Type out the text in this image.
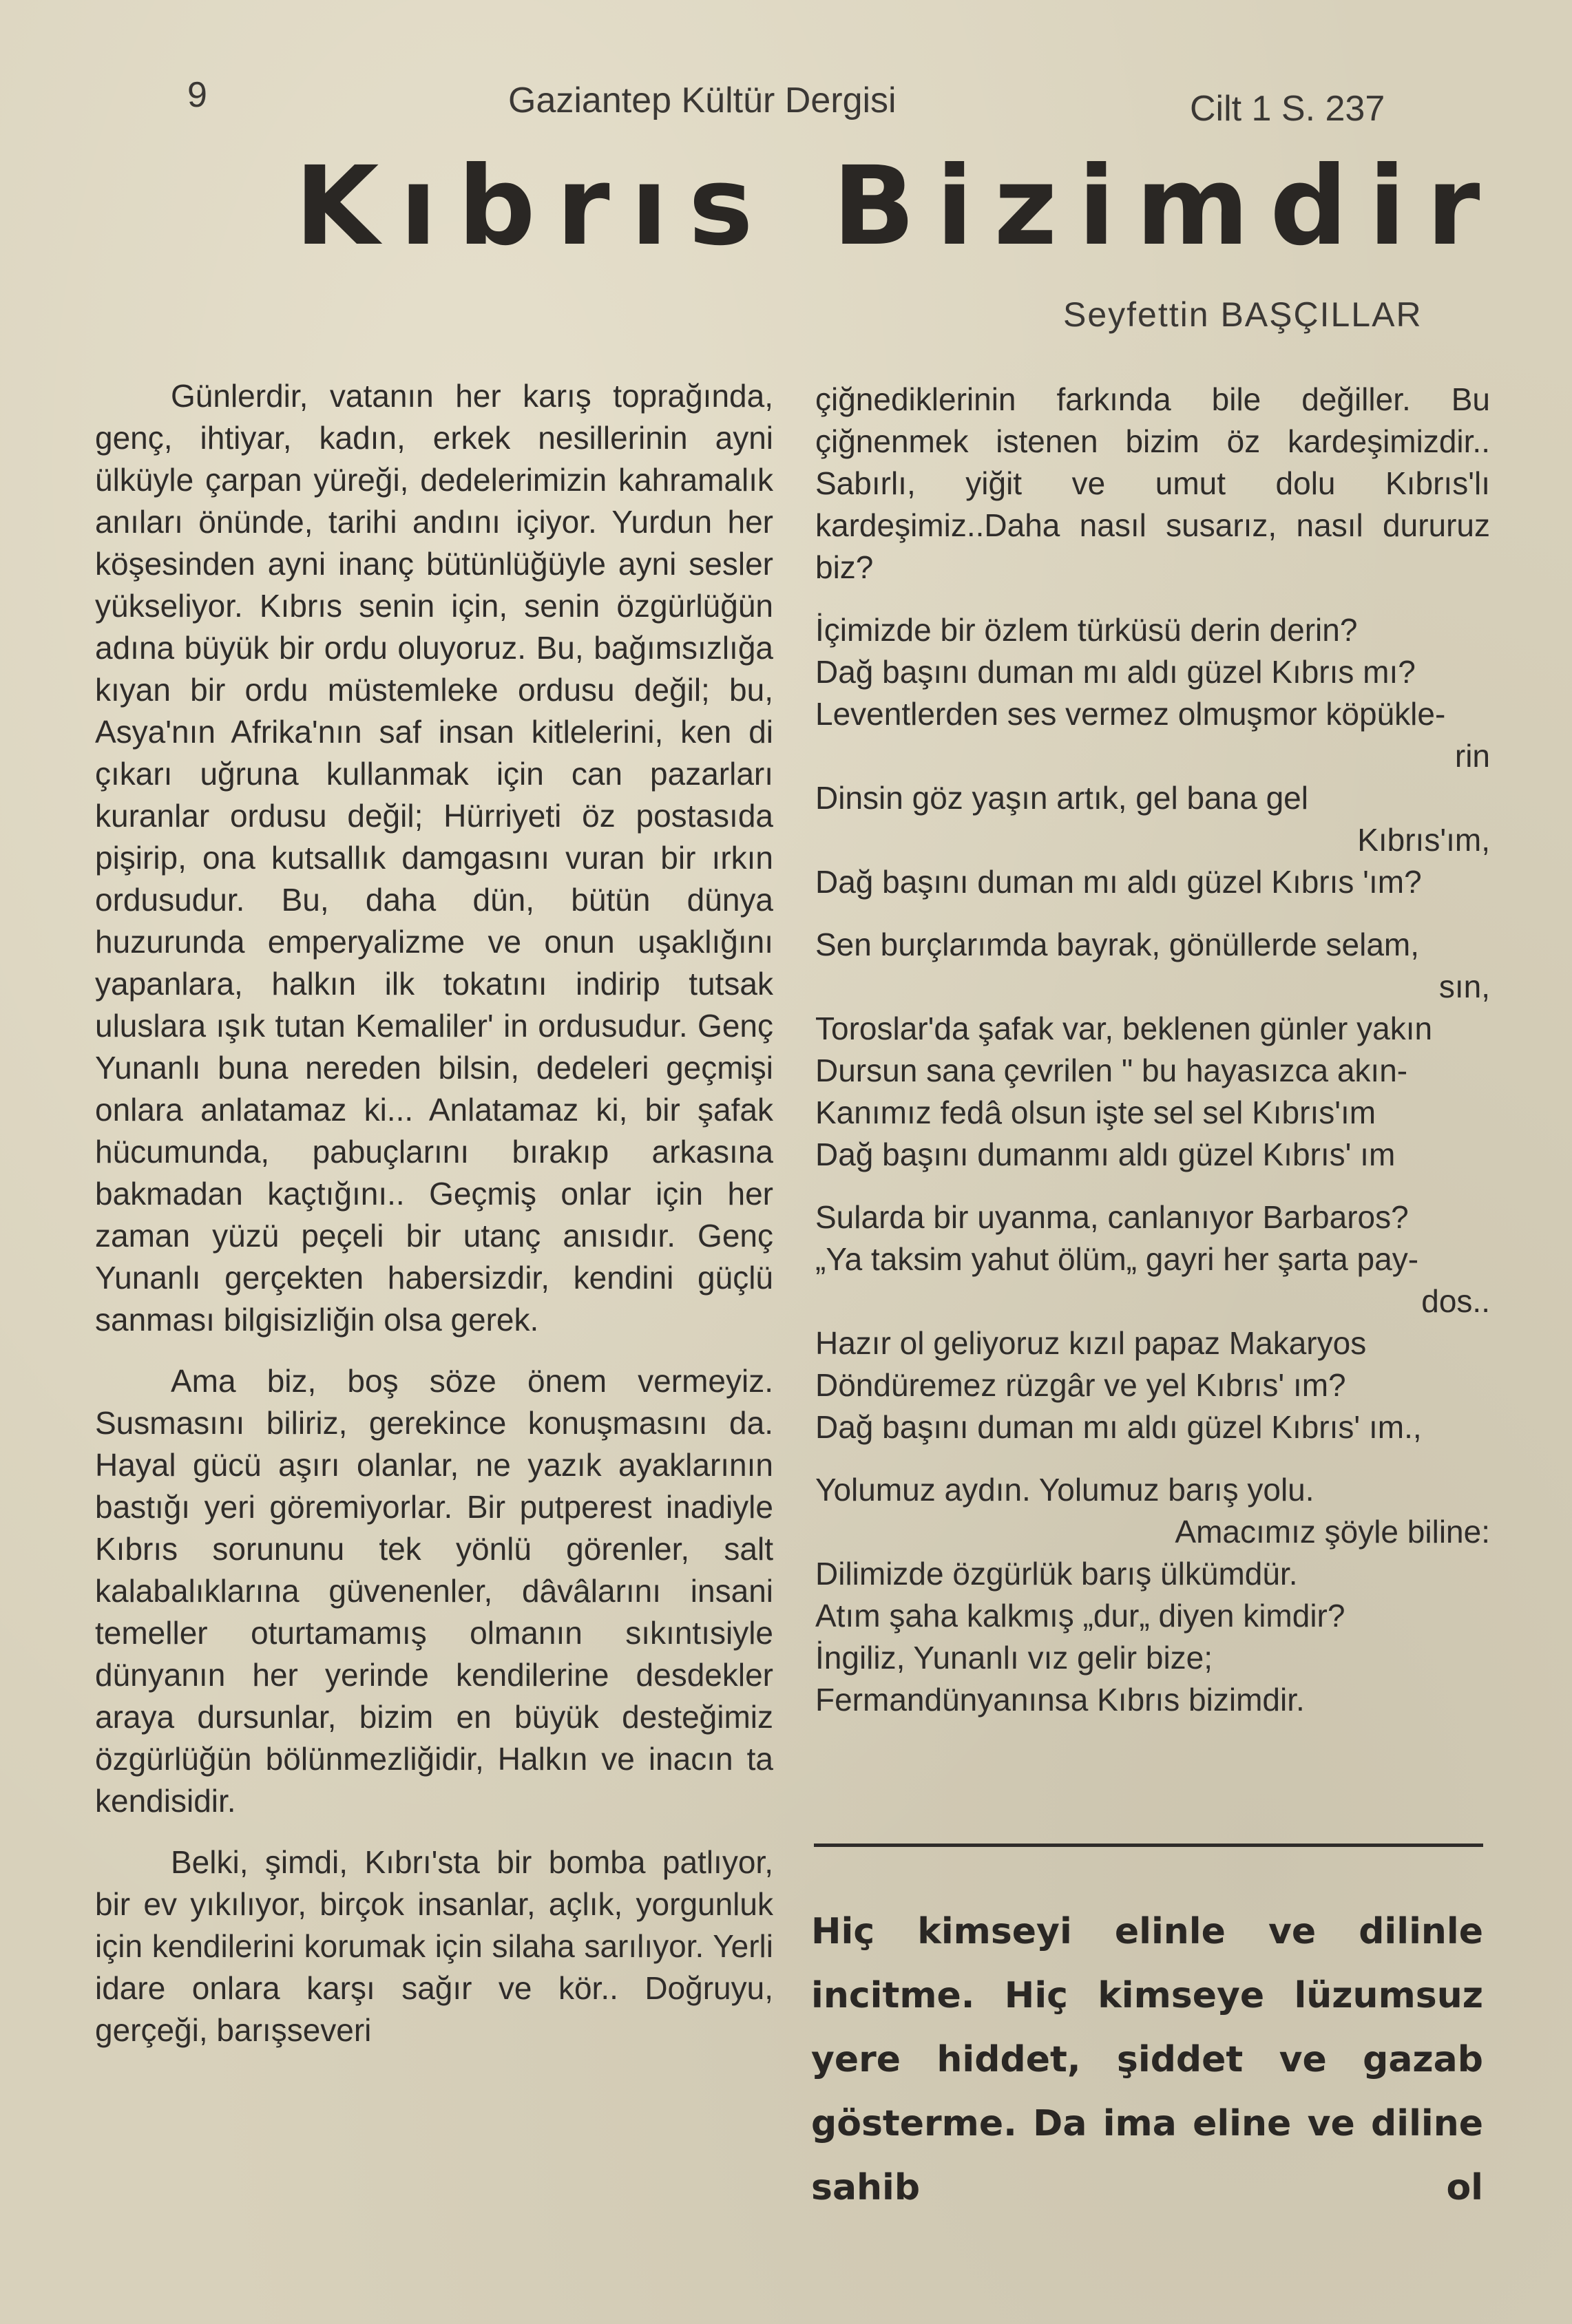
9	Gaziantep Kültür Dergisi	Cilt 1 S. 237
Kıbrıs Bizimdir
Seyfettin BAŞÇILLAR

Günlerdir, vatanın her karış toprağında, genç, ihtiyar, kadın, erkek nesillerinin ayni ülküyle çarpan yüreği, dedelerimizin kahramalık anıları önünde, tarihi andını içiyor. Yurdun her köşesinden ayni inanç bütünlüğüyle ayni sesler yükseliyor. Kıbrıs senin için, senin özgürlüğün adına büyük bir ordu oluyoruz. Bu, bağımsızlığa kıyan bir ordu müstemleke ordusu değil; bu, Asya'nın Afrika'nın saf insan kitlelerini, ken di çıkarı uğruna kullanmak için can pazarları kuranlar ordusu değil; Hürriyeti öz postasıda pişirip, ona kutsallık damgasını vuran bir ırkın ordusudur. Bu, daha dün, bütün dünya huzurunda emperyalizme ve onun uşaklığını yapanlara, halkın ilk tokatını indirip tutsak uluslara ışık tutan Kemaliler' in ordusudur. Genç Yunanlı buna nereden bilsin, dedeleri geçmişi onlara anlatamaz ki... Anlatamaz ki, bir şafak hücumunda, pabuçlarını bırakıp arkasına bakmadan kaçtığını.. Geçmiş onlar için her zaman yüzü peçeli bir utanç anısıdır. Genç Yunanlı gerçekten habersizdir, kendini güçlü sanması bilgisizliğin olsa gerek.

Ama biz, boş söze önem vermeyiz. Susmasını biliriz, gerekince konuşmasını da. Hayal gücü aşırı olanlar, ne yazık ayaklarının bastığı yeri göremiyorlar. Bir putperest inadiyle Kıbrıs sorununu tek yönlü görenler, salt kalabalıklarına güvenenler, dâvâlarını insani temeller oturtamamış olmanın sıkıntısiyle dünyanın her yerinde kendilerine desdekler araya dursunlar, bizim en büyük desteğimiz özgürlüğün bölünmezliğidir, Halkın ve inacın ta kendisidir.

Belki, şimdi, Kıbrı'sta bir bomba patlıyor, bir ev yıkılıyor, birçok insanlar, açlık, yorgunluk için kendilerini korumak için silaha sarılıyor. Yerli idare onlara karşı sağır ve kör.. Doğruyu, gerçeği, barışseveri

çiğnediklerinin farkında bile değiller. Bu çiğnenmek istenen bizim öz kardeşimizdir.. Sabırlı, yiğit ve umut dolu Kıbrıs'lı kardeşimiz..Daha nasıl susarız, nasıl dururuz biz?

İçimizde bir özlem türküsü derin derin?
Dağ başını duman mı aldı güzel Kıbrıs mı?
Leventlerden ses vermez olmuşmor köpükle-
rin
Dinsin göz yaşın artık, gel bana gel
Kıbrıs'ım,
Dağ başını duman mı aldı güzel Kıbrıs 'ım?
Sen burçlarımda bayrak, gönüllerde selam,
sın,
Toroslar'da şafak var, beklenen günler yakın
Dursun sana çevrilen " bu hayasızca akın-
Kanımız fedâ olsun işte sel sel Kıbrıs'ım
Dağ başını dumanmı aldı güzel Kıbrıs' ım
Sularda bir uyanma, canlanıyor Barbaros?
„Ya taksim yahut ölüm„ gayri her şarta pay-
dos..
Hazır ol geliyoruz kızıl papaz Makaryos
Döndüremez rüzgâr ve yel Kıbrıs' ım?
Dağ başını duman mı aldı güzel Kıbrıs' ım.,
Yolumuz aydın. Yolumuz barış yolu.
Amacımız şöyle biline:
Dilimizde özgürlük barış ülkümdür.
Atım şaha kalkmış „dur„ diyen kimdir?
İngiliz, Yunanlı vız gelir bize;
Fermandünyanınsa Kıbrıs bizimdir.
Hiç kimseyi elinle ve dilinle incitme. Hiç kimseye lüzumsuz yere hiddet, şiddet ve gazab gösterme. Da ima eline ve diline sahib ol
